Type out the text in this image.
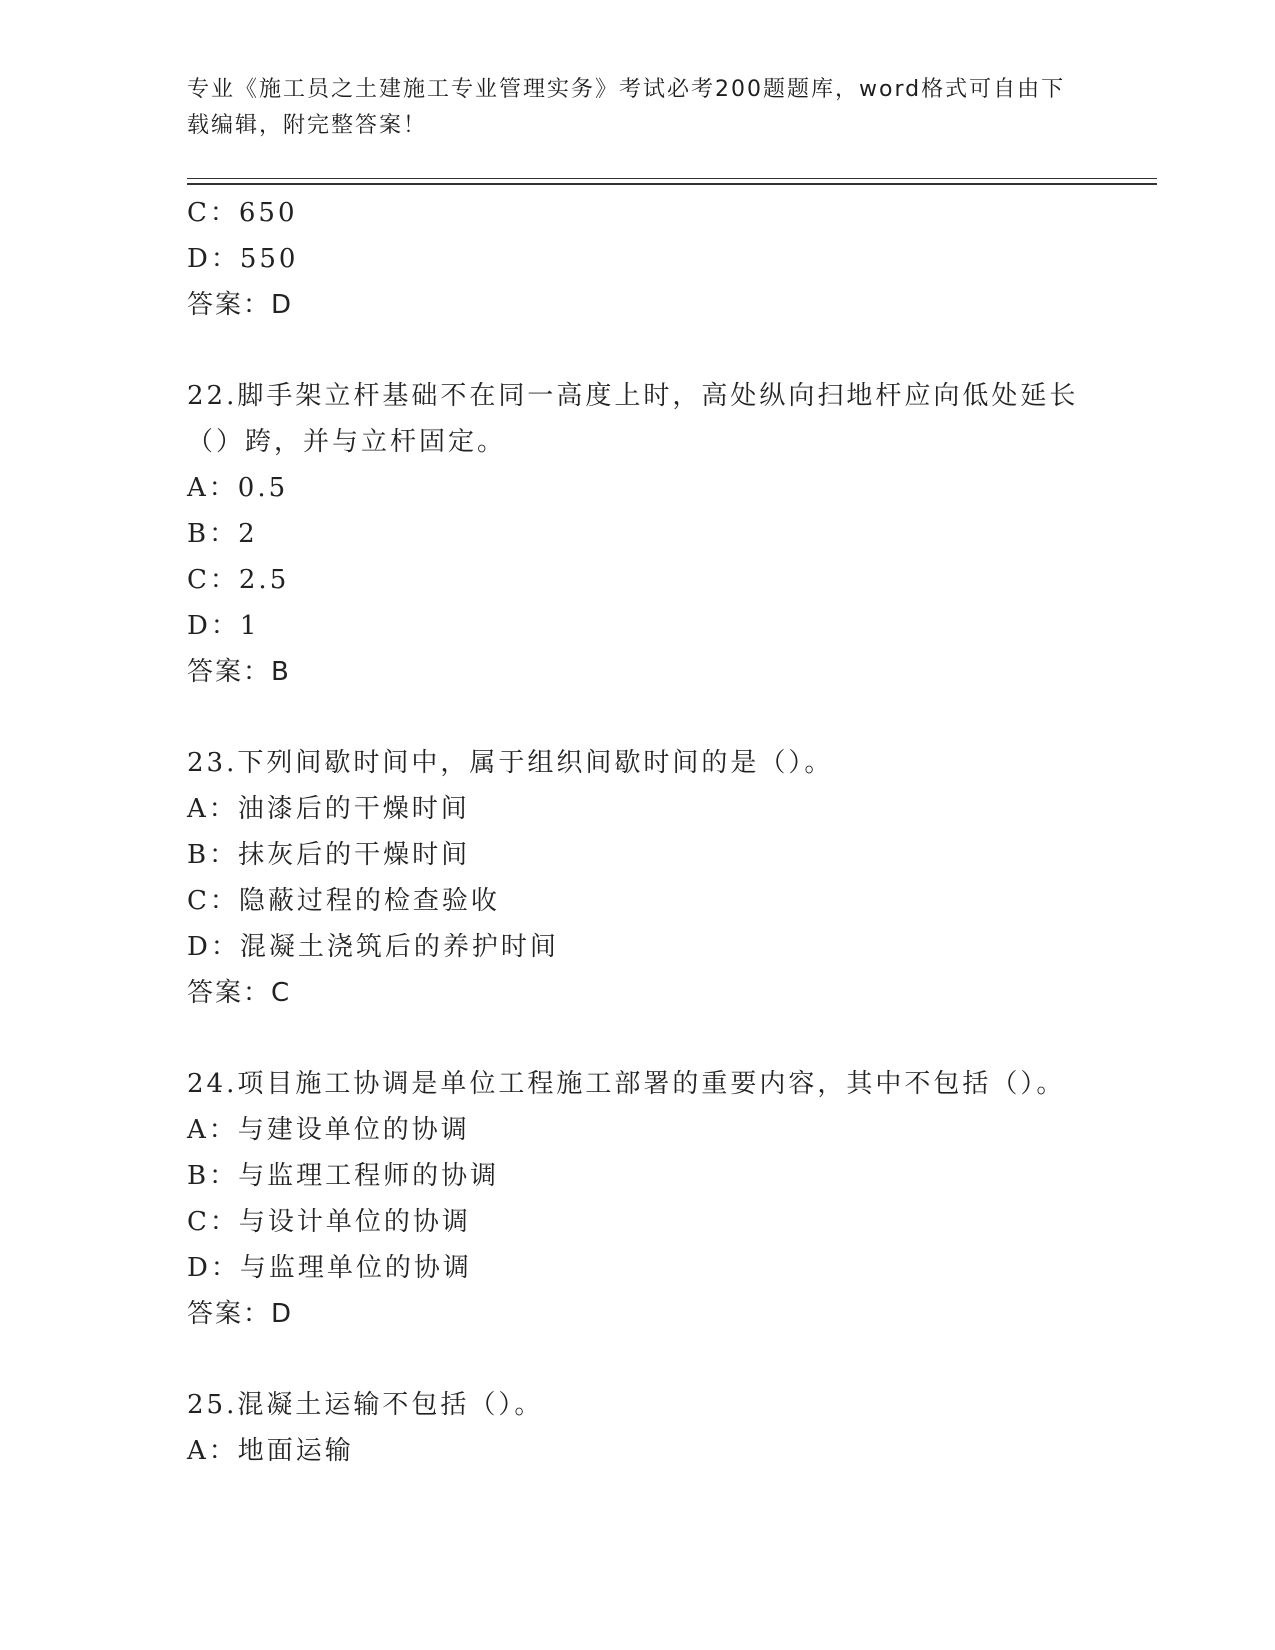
专业《施工员之土建施工专业管理实务》考试必考200题题库，word格式可自由下载编辑，附完整答案！
C：650
D：550
答案：D
22.脚手架立杆基础不在同一高度上时，高处纵向扫地杆应向低处延长
（）跨，并与立杆固定。
A：0.5
B：2
C：2.5
D：1
答案：B
23.下列间歇时间中，属于组织间歇时间的是（）。
A：油漆后的干燥时间
B：抹灰后的干燥时间
C：隐蔽过程的检查验收
D：混凝土浇筑后的养护时间
答案：C
24.项目施工协调是单位工程施工部署的重要内容，其中不包括（）。
A：与建设单位的协调
B：与监理工程师的协调
C：与设计单位的协调
D：与监理单位的协调
答案：D
25.混凝土运输不包括（）。
A：地面运输
